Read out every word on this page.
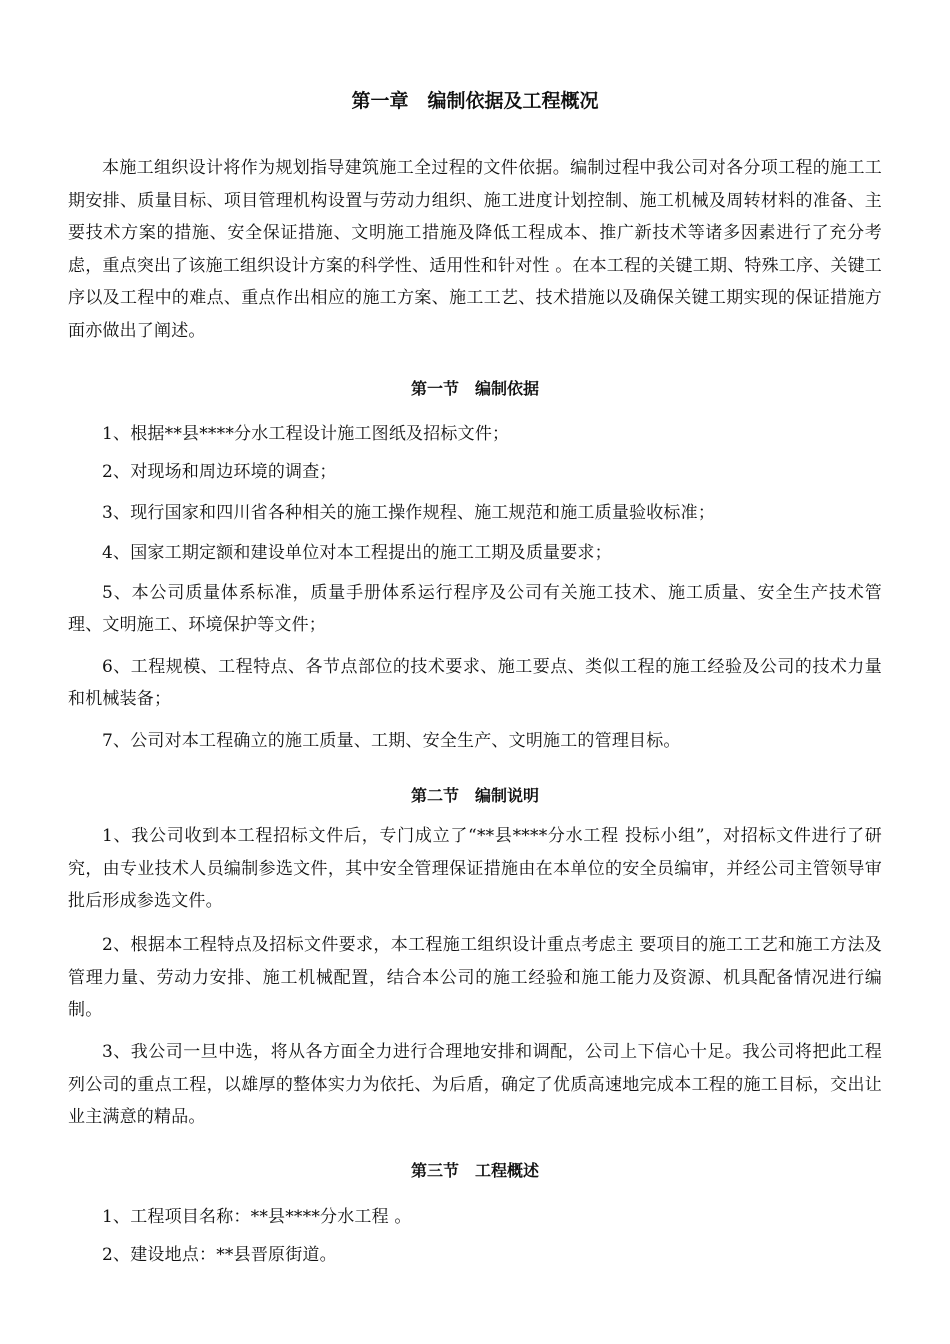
第一章　编制依据及工程概况

本施工组织设计将作为规划指导建筑施工全过程的文件依据。编制过程中我公司对各分项工程的施工工期安排、质量目标、项目管理机构设置与劳动力组织、施工进度计划控制、施工机械及周转材料的准备、主要技术方案的措施、安全保证措施、文明施工措施及降低工程成本、推广新技术等诸多因素进行了充分考虑，重点突出了该施工组织设计方案的科学性、适用性和针对性 。在本工程的关键工期、特殊工序、关键工序以及工程中的难点、重点作出相应的施工方案、施工工艺、技术措施以及确保关键工期实现的保证措施方面亦做出了阐述。

第一节　编制依据

1、根据**县****分水工程设计施工图纸及招标文件；

2、对现场和周边环境的调查；

3、现行国家和四川省各种相关的施工操作规程、施工规范和施工质量验收标准；

4、国家工期定额和建设单位对本工程提出的施工工期及质量要求；

5、本公司质量体系标准，质量手册体系运行程序及公司有关施工技术、施工质量、安全生产技术管理、文明施工、环境保护等文件；

6、工程规模、工程特点、各节点部位的技术要求、施工要点、类似工程的施工经验及公司的技术力量和机械装备；

7、公司对本工程确立的施工质量、工期、安全生产、文明施工的管理目标。

第二节　编制说明

1、我公司收到本工程招标文件后，专门成立了“**县****分水工程 投标小组”，对招标文件进行了研究，由专业技术人员编制参选文件，其中安全管理保证措施由在本单位的安全员编审，并经公司主管领导审批后形成参选文件。

2、根据本工程特点及招标文件要求，本工程施工组织设计重点考虑主 要项目的施工工艺和施工方法及管理力量、劳动力安排、施工机械配置，结合本公司的施工经验和施工能力及资源、机具配备情况进行编制。

3、我公司一旦中选，将从各方面全力进行合理地安排和调配，公司上下信心十足。我公司将把此工程列公司的重点工程，以雄厚的整体实力为依托、为后盾，确定了优质高速地完成本工程的施工目标，交出让业主满意的精品。

第三节　工程概述

1、工程项目名称：**县****分水工程 。

2、建设地点：**县晋原街道。
